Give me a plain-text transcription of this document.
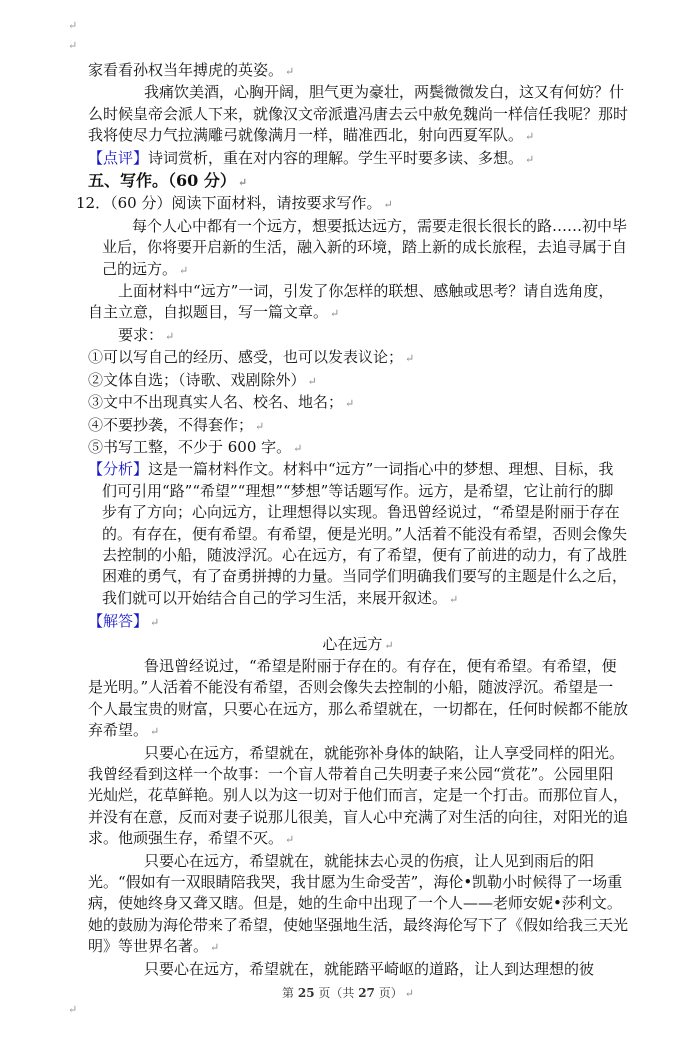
↵
↵
↵

家看看孙权当年搏虎的英姿。 ↵

我痛饮美酒，心胸开阔，胆气更为豪壮，两鬓微微发白，这又有何妨？什么时候皇帝会派人下来，就像汉文帝派遣冯唐去云中赦免魏尚一样信任我呢？那时我将使尽力气拉满雕弓就像满月一样，瞄准西北，射向西夏军队。 ↵

【点评】诗词赏析，重在对内容的理解。学生平时要多读、多想。 ↵

五、写作。（60 分） ↵

12．（60 分）阅读下面材料，请按要求写作。 ↵

每个人心中都有一个远方，想要抵达远方，需要走很长很长的路……初中毕业后，你将要开启新的生活，融入新的环境，踏上新的成长旅程，去追寻属于自己的远方。 ↵

上面材料中“远方”一词，引发了你怎样的联想、感触或思考？请自选角度，自主立意，自拟题目，写一篇文章。 ↵

要求： ↵

①可以写自己的经历、感受，也可以发表议论； ↵

②文体自选；（诗歌、戏剧除外） ↵

③文中不出现真实人名、校名、地名； ↵

④不要抄袭，不得套作； ↵

⑤书写工整，不少于 600 字。 ↵

【分析】这是一篇材料作文。材料中“远方”一词指心中的梦想、理想、目标，我们可引用“路”“希望”“理想”“梦想”等话题写作。远方，是希望，它让前行的脚步有了方向；心向远方，让理想得以实现。鲁迅曾经说过，“希望是附丽于存在的。有存在，便有希望。有希望，便是光明。”人活着不能没有希望，否则会像失去控制的小船，随波浮沉。心在远方，有了希望，便有了前进的动力，有了战胜困难的勇气，有了奋勇拼搏的力量。当同学们明确我们要写的主题是什么之后，我们就可以开始结合自己的学习生活，来展开叙述。 ↵

【解答】 ↵

心在远方 ↵

鲁迅曾经说过，“希望是附丽于存在的。有存在，便有希望。有希望，便是光明。”人活着不能没有希望，否则会像失去控制的小船，随波浮沉。希望是一个人最宝贵的财富，只要心在远方，那么希望就在，一切都在，任何时候都不能放弃希望。 ↵

只要心在远方，希望就在，就能弥补身体的缺陷，让人享受同样的阳光。我曾经看到这样一个故事：一个盲人带着自己失明妻子来公园“赏花”。公园里阳光灿烂，花草鲜艳。别人以为这一切对于他们而言，定是一个打击。而那位盲人，并没有在意，反而对妻子说那儿很美，盲人心中充满了对生活的向往，对阳光的追求。他顽强生存，希望不灭。 ↵

只要心在远方，希望就在，就能抹去心灵的伤痕，让人见到雨后的阳光。“假如有一双眼睛陪我哭，我甘愿为生命受苦”，海伦•凯勒小时候得了一场重病，使她终身又聋又瞎。但是，她的生命中出现了一个人——老师安妮•莎利文。她的鼓励为海伦带来了希望，使她坚强地生活，最终海伦写下了《假如给我三天光明》等世界名著。 ↵

只要心在远方，希望就在，就能踏平崎岖的道路，让人到达理想的彼

第 25 页（共 27 页） ↵
